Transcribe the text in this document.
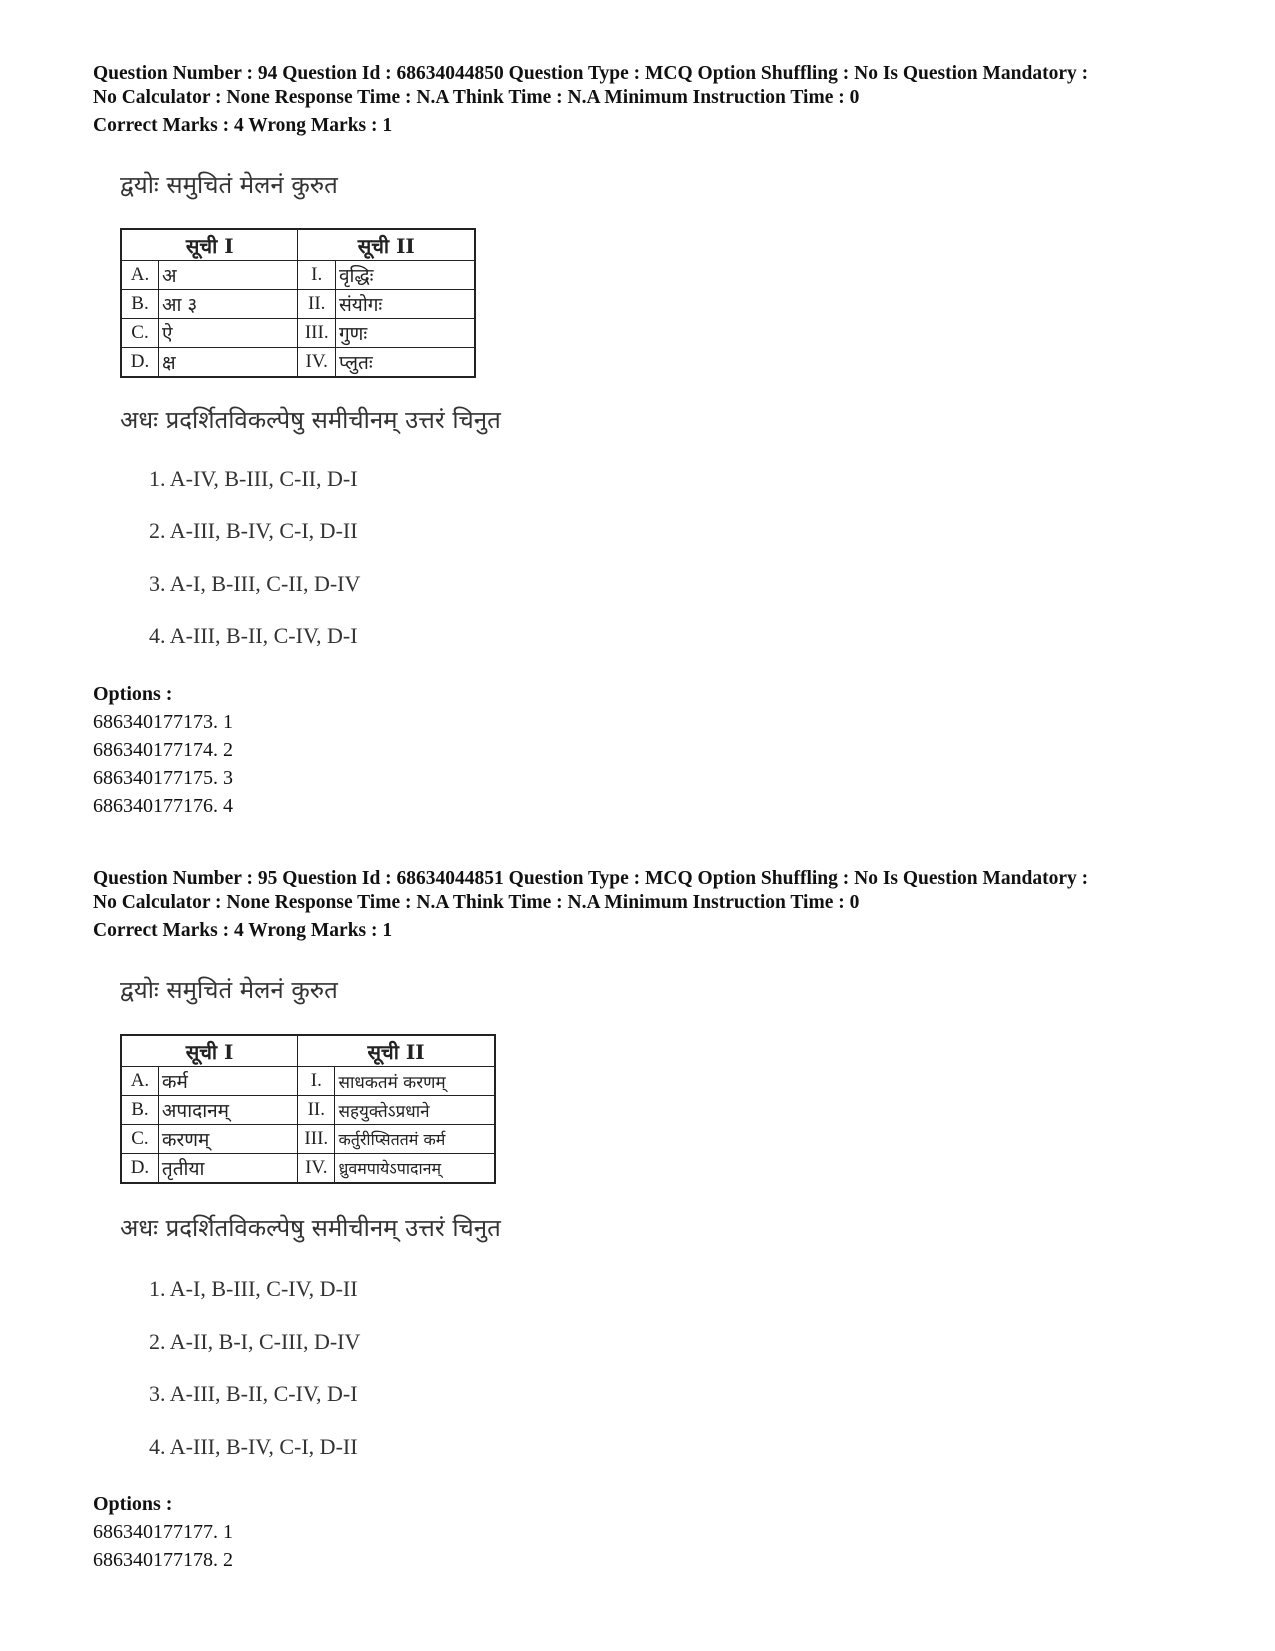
Question Number : 94 Question Id : 68634044850 Question Type : MCQ Option Shuffling : No Is Question Mandatory :
No Calculator : None Response Time : N.A Think Time : N.A Minimum Instruction Time : 0
Correct Marks : 4 Wrong Marks : 1
द्वयोः समुचितं मेलनं कुरुत
सूची I		सूची II	
A.	अ	I.	वृद्धिः
B.	आ ३	II.	संयोगः
C.	ऐ	III.	गुणः
D.	क्ष	IV.	प्लुतः
अधः प्रदर्शितविकल्पेषु समीचीनम् उत्तरं चिनुत
1. A-IV, B-III, C-II, D-I
2. A-III, B-IV, C-I, D-II
3. A-I, B-III, C-II, D-IV
4. A-III, B-II, C-IV, D-I
Options :
686340177173. 1
686340177174. 2
686340177175. 3
686340177176. 4
Question Number : 95 Question Id : 68634044851 Question Type : MCQ Option Shuffling : No Is Question Mandatory :
No Calculator : None Response Time : N.A Think Time : N.A Minimum Instruction Time : 0
Correct Marks : 4 Wrong Marks : 1
द्वयोः समुचितं मेलनं कुरुत
सूची I		सूची II	
A.	कर्म	I.	साधकतमं करणम्
B.	अपादानम्	II.	सहयुक्तेऽप्रधाने
C.	करणम्	III.	कर्तुरीप्सिततमं कर्म
D.	तृतीया	IV.	ध्रुवमपायेऽपादानम्
अधः प्रदर्शितविकल्पेषु समीचीनम् उत्तरं चिनुत
1. A-I, B-III, C-IV, D-II
2. A-II, B-I, C-III, D-IV
3. A-III, B-II, C-IV, D-I
4. A-III, B-IV, C-I, D-II
Options :
686340177177. 1
686340177178. 2
